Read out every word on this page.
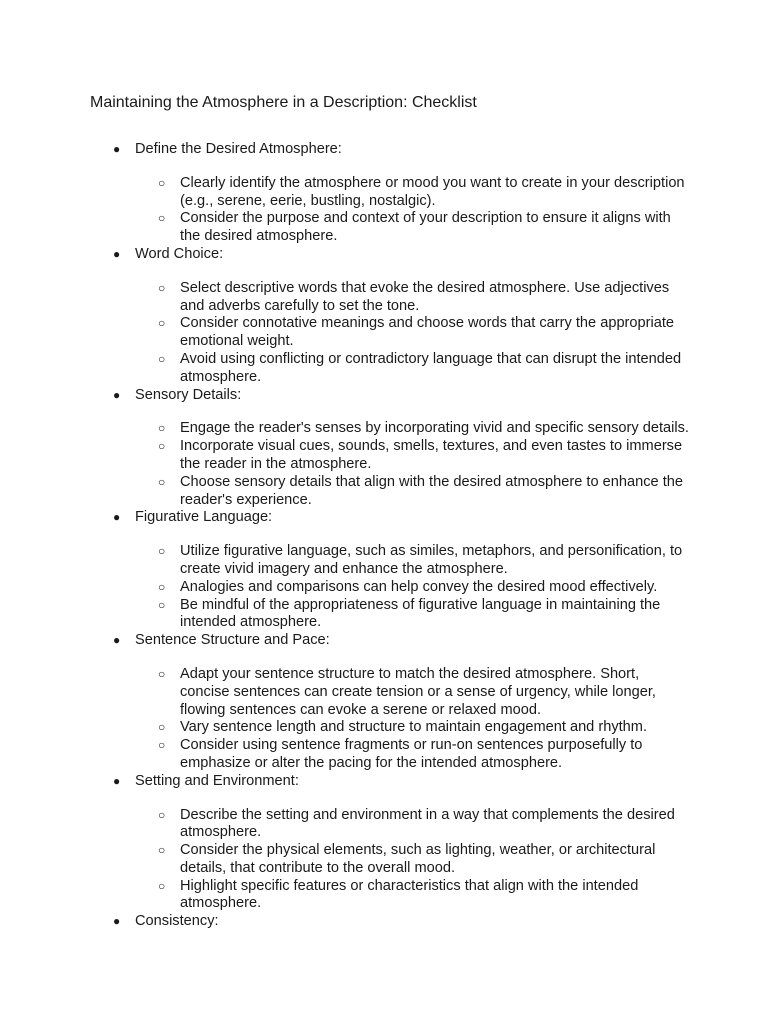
Maintaining the Atmosphere in a Description: Checklist
● Define the Desired Atmosphere:
○ Clearly identify the atmosphere or mood you want to create in your description (e.g., serene, eerie, bustling, nostalgic).
○ Consider the purpose and context of your description to ensure it aligns with the desired atmosphere.
● Word Choice:
○ Select descriptive words that evoke the desired atmosphere. Use adjectives and adverbs carefully to set the tone.
○ Consider connotative meanings and choose words that carry the appropriate emotional weight.
○ Avoid using conflicting or contradictory language that can disrupt the intended atmosphere.
● Sensory Details:
○ Engage the reader's senses by incorporating vivid and specific sensory details.
○ Incorporate visual cues, sounds, smells, textures, and even tastes to immerse the reader in the atmosphere.
○ Choose sensory details that align with the desired atmosphere to enhance the reader's experience.
● Figurative Language:
○ Utilize figurative language, such as similes, metaphors, and personification, to create vivid imagery and enhance the atmosphere.
○ Analogies and comparisons can help convey the desired mood effectively.
○ Be mindful of the appropriateness of figurative language in maintaining the intended atmosphere.
● Sentence Structure and Pace:
○ Adapt your sentence structure to match the desired atmosphere. Short, concise sentences can create tension or a sense of urgency, while longer, flowing sentences can evoke a serene or relaxed mood.
○ Vary sentence length and structure to maintain engagement and rhythm.
○ Consider using sentence fragments or run-on sentences purposefully to emphasize or alter the pacing for the intended atmosphere.
● Setting and Environment:
○ Describe the setting and environment in a way that complements the desired atmosphere.
○ Consider the physical elements, such as lighting, weather, or architectural details, that contribute to the overall mood.
○ Highlight specific features or characteristics that align with the intended atmosphere.
● Consistency:
